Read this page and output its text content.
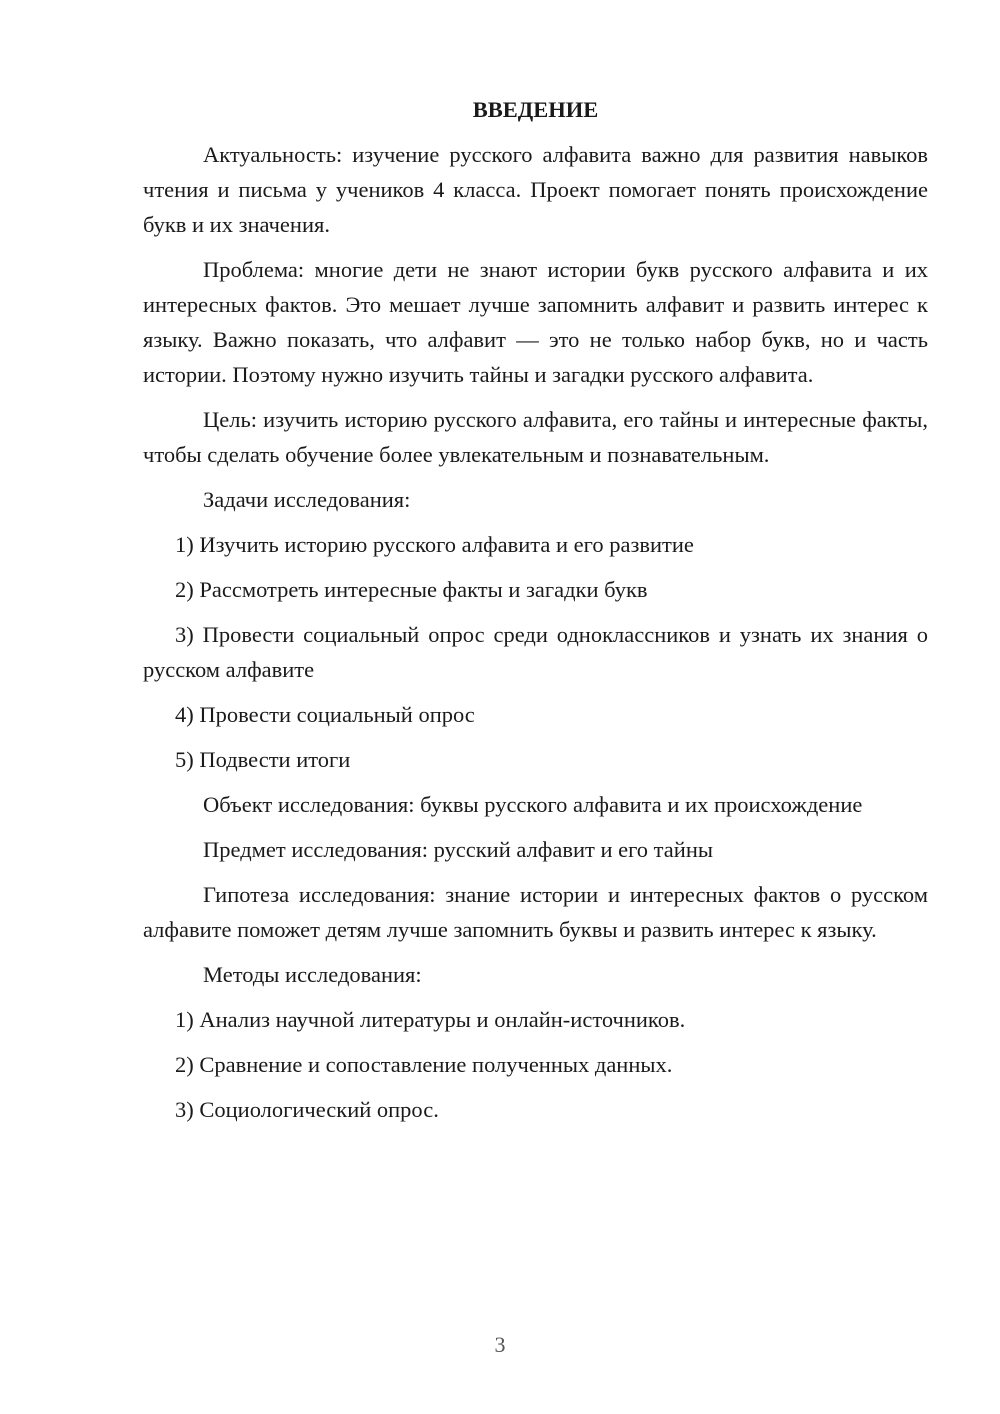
ВВЕДЕНИЕ

Актуальность: изучение русского алфавита важно для развития навыков чтения и письма у учеников 4 класса. Проект помогает понять происхождение букв и их значения.

Проблема: многие дети не знают истории букв русского алфавита и их интересных фактов. Это мешает лучше запомнить алфавит и развить интерес к языку. Важно показать, что алфавит — это не только набор букв, но и часть истории. Поэтому нужно изучить тайны и загадки русского алфавита.

Цель: изучить историю русского алфавита, его тайны и интересные факты, чтобы сделать обучение более увлекательным и познавательным.

Задачи исследования:

1) Изучить историю русского алфавита и его развитие

2) Рассмотреть интересные факты и загадки букв

3) Провести социальный опрос среди одноклассников и узнать их знания о русском алфавите

4) Провести социальный опрос

5) Подвести итоги

Объект исследования: буквы русского алфавита и их происхождение

Предмет исследования: русский алфавит и его тайны

Гипотеза исследования: знание истории и интересных фактов о русском алфавите поможет детям лучше запомнить буквы и развить интерес к языку.

Методы исследования:

1) Анализ научной литературы и онлайн-источников.

2) Сравнение и сопоставление полученных данных.

3) Социологический опрос.

3
